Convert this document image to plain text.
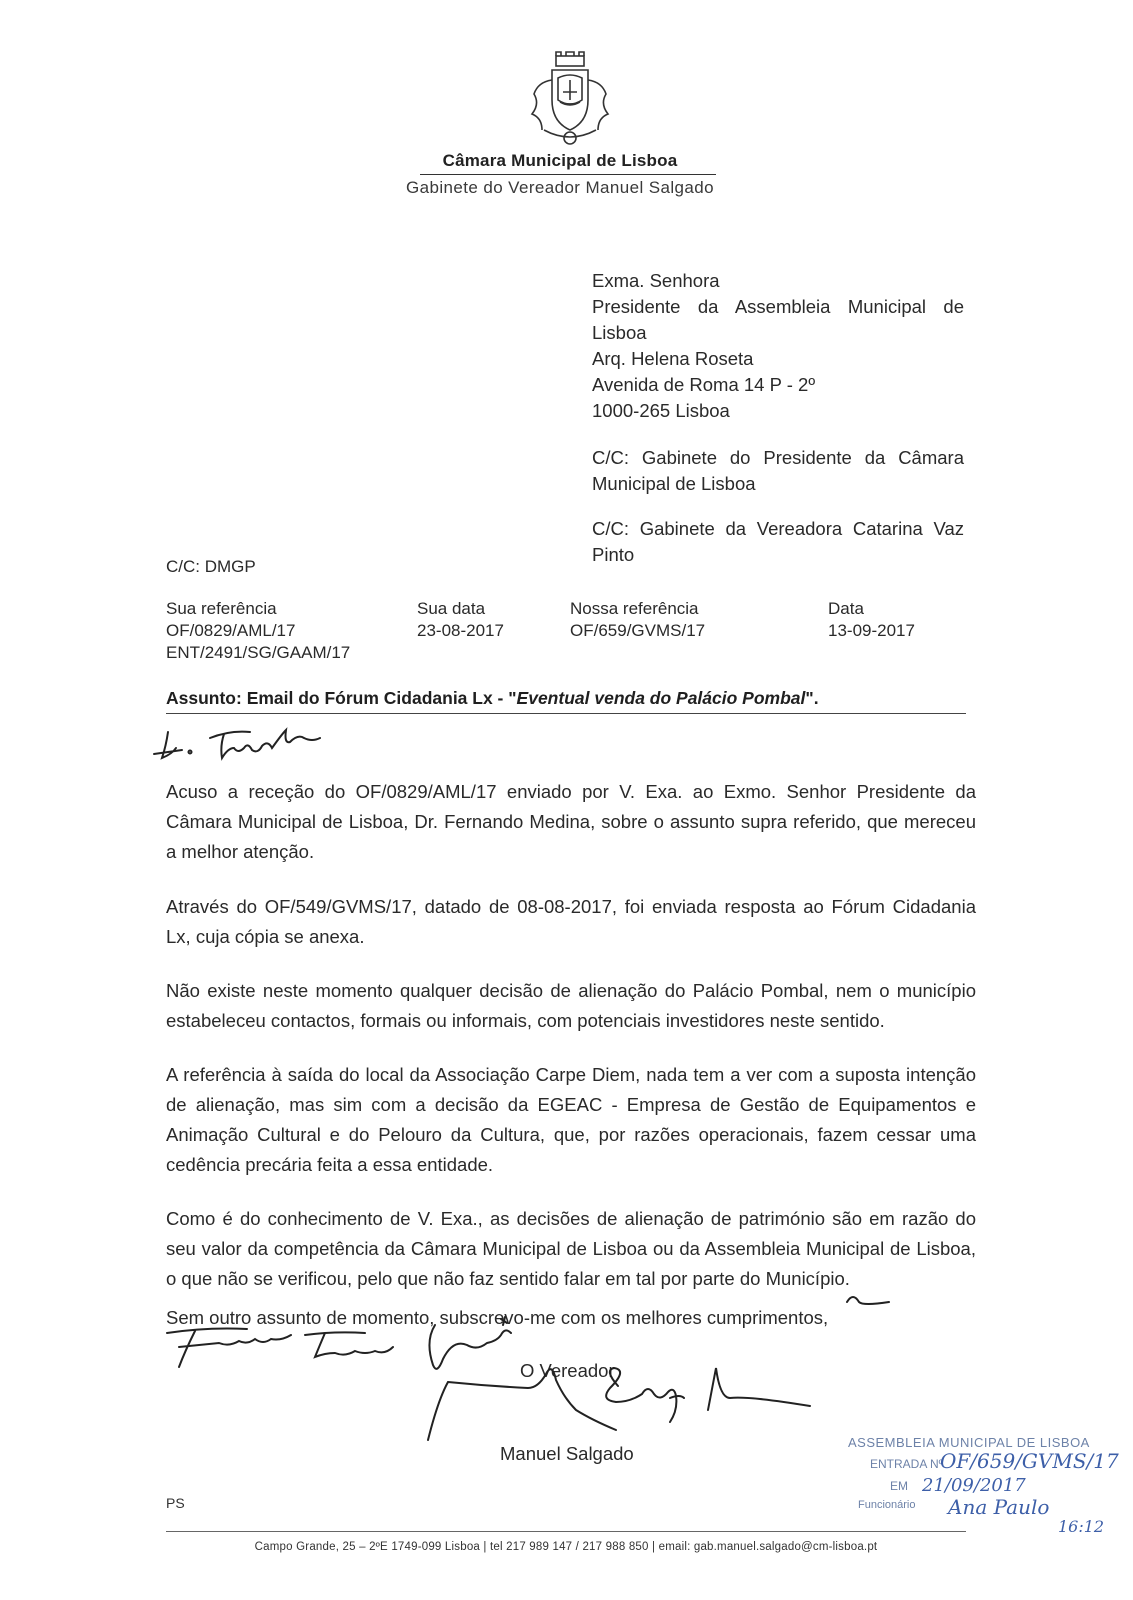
Câmara Municipal de Lisboa
Gabinete do Vereador Manuel Salgado
Exma. Senhora
Presidente da Assembleia Municipal de Lisboa
Arq. Helena Roseta
Avenida de Roma 14 P - 2º
1000-265 Lisboa
C/C: Gabinete do Presidente da Câmara Municipal de Lisboa
C/C: Gabinete da Vereadora Catarina Vaz Pinto
C/C: DMGP
Sua referência
OF/0829/AML/17
ENT/2491/SG/GAAM/17
Sua data
23-08-2017
Nossa referência
OF/659/GVMS/17
Data
13-09-2017
Assunto: Email do Fórum Cidadania Lx - "Eventual venda do Palácio Pombal".

Acuso a receção do OF/0829/AML/17 enviado por V. Exa. ao Exmo. Senhor Presidente da Câmara Municipal de Lisboa, Dr. Fernando Medina, sobre o assunto supra referido, que mereceu a melhor atenção.

Através do OF/549/GVMS/17, datado de 08-08-2017, foi enviada resposta ao Fórum Cidadania Lx, cuja cópia se anexa.

Não existe neste momento qualquer decisão de alienação do Palácio Pombal, nem o município estabeleceu contactos, formais ou informais, com potenciais investidores neste sentido.

A referência à saída do local da Associação Carpe Diem, nada tem a ver com a suposta intenção de alienação, mas sim com a decisão da EGEAC - Empresa de Gestão de Equipamentos e Animação Cultural e do Pelouro da Cultura, que, por razões operacionais, fazem cessar uma cedência precária feita a essa entidade.

Como é do conhecimento de V. Exa., as decisões de alienação de património são em razão do seu valor da competência da Câmara Municipal de Lisboa ou da Assembleia Municipal de Lisboa, o que não se verificou, pelo que não faz sentido falar em tal por parte do Município.

Sem outro assunto de momento, subscrevo-me com os melhores cumprimentos,

O Vereador
Manuel Salgado
PS
Campo Grande, 25 – 2ºE 1749-099 Lisboa | tel 217 989 147 / 217 988 850 | email: gab.manuel.salgado@cm-lisboa.pt
ASSEMBLEIA MUNICIPAL DE LISBOA
ENTRADA Nº
OF/659/GVMS/17
EM 21/09/2017
Funcionário Ana Paulo
16:12
